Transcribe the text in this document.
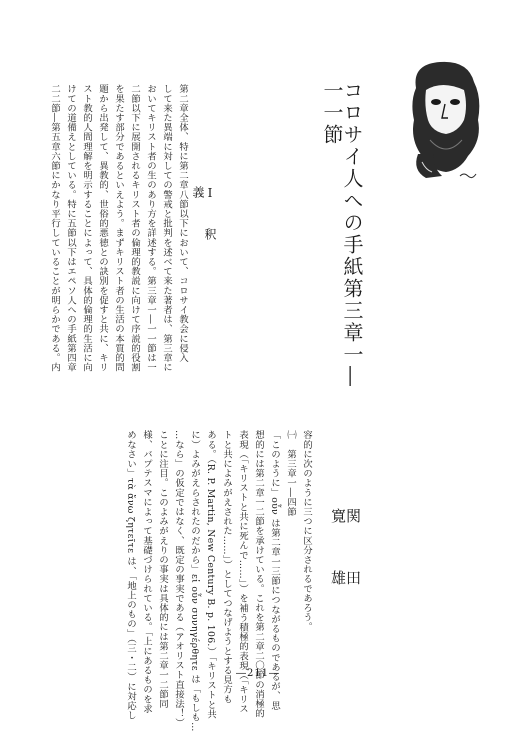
コロサイ人への手紙第三章一―一一節
関　田　寛　雄
Ⅰ　釈　義
第二章全体、特に第二章八節以下において、コロサイ教会に侵入
して来た異端に対しての警戒と批判を述べて来た著者は、第三章に
おいてキリスト者の生のあり方を詳述する。第三章一―一一節は一
二節以下に展開されるキリスト者の倫理的教説に向けて序説的役割
を果たす部分であるといえよう。まずキリスト者の生活の本質的問
題から出発して、異教的、世俗的悪徳との訣別を促すと共に、キリ
スト教的人間理解を明示することによって、具体的倫理的生活に向
けての道備えとしている。特に五節以下はエペソ人への手紙第四章
二二節―第五章六節にかなり平行していることが明らかである。内
容的に次のように三つに区分されるであろう。
㈠　第三章一―四節
「このように」οὖν は第二章一三節につながるものであるが、思
想的には第二章一二節を承けている。これを第二章二〇節の消極的
表現（「キリストと共に死んで……」）を補う積極的表現（「キリス
トと共によみがえされた……」）としてつなげようとする見方も
ある。（R. P. Martin, New Century B. p. 106.）「キリストと共
に）よみがえらされたのだから」εἰ οὖν συνηγέρθητε は「もしも…
…なら」の仮定ではなく、既定の事実である（アオリスト直接法！）
ことに注目。このよみがえりの事実は具体的には第二章一二節同
様、バプテスマによって基礎づけられている。「上にあるものを求
めなさい」τὰ ἄνω ζητεῖτε は、「地上のもの」（三・二）に対応し	―211―
